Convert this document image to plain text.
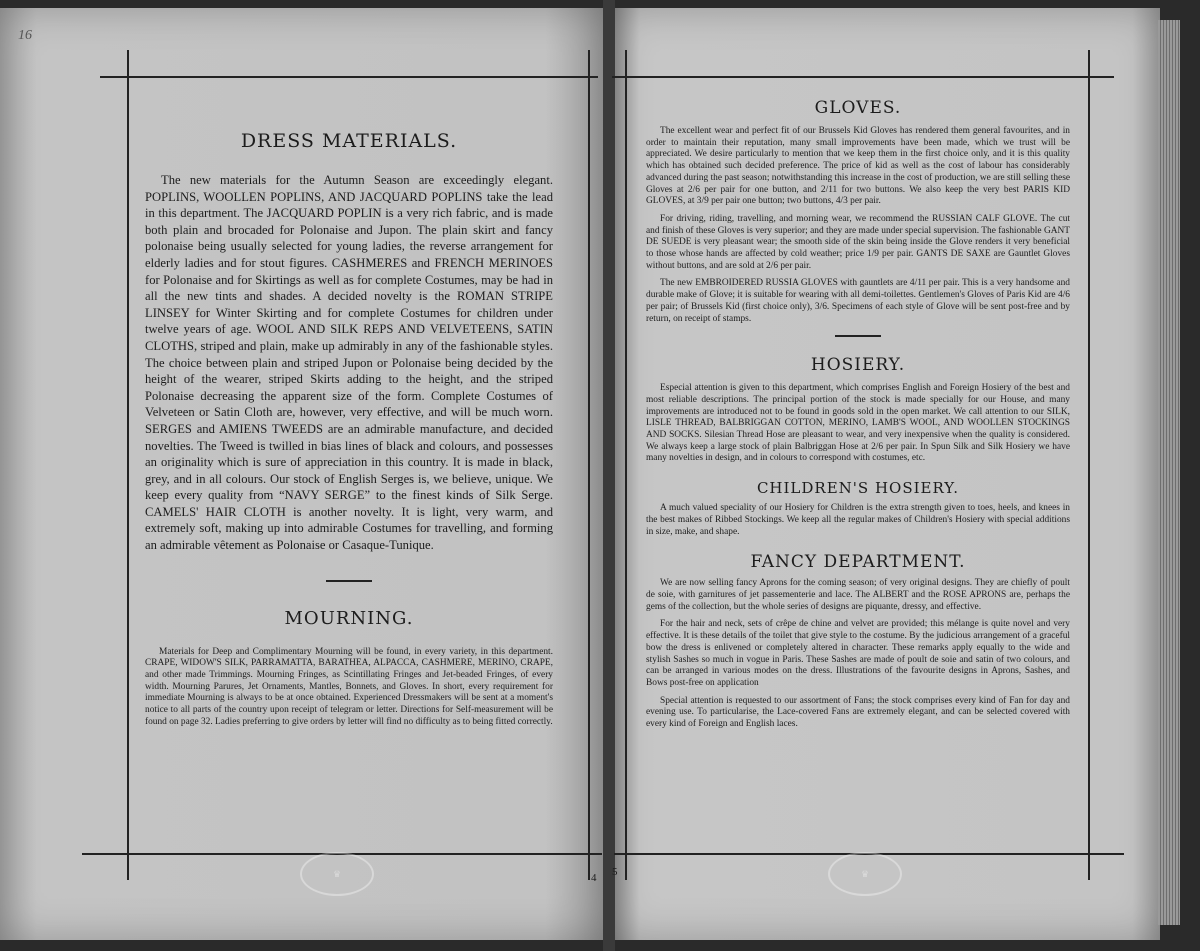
16
DRESS MATERIALS.

The new materials for the Autumn Season are exceedingly elegant. POPLINS, WOOLLEN POPLINS, AND JACQUARD POPLINS take the lead in this department. The JACQUARD POPLIN is a very rich fabric, and is made both plain and brocaded for Polonaise and Jupon. The plain skirt and fancy polonaise being usually selected for young ladies, the reverse arrangement for elderly ladies and for stout figures. CASHMERES and FRENCH MERINOES for Polonaise and for Skirtings as well as for complete Costumes, may be had in all the new tints and shades. A decided novelty is the ROMAN STRIPE LINSEY for Winter Skirting and for complete Costumes for children under twelve years of age. WOOL AND SILK REPS AND VELVETEENS, SATIN CLOTHS, striped and plain, make up admirably in any of the fashionable styles. The choice between plain and striped Jupon or Polonaise being decided by the height of the wearer, striped Skirts adding to the height, and the striped Polonaise decreasing the apparent size of the form. Complete Costumes of Velveteen or Satin Cloth are, however, very effective, and will be much worn. SERGES and AMIENS TWEEDS are an admirable manufacture, and decided novelties. The Tweed is twilled in bias lines of black and colours, and possesses an originality which is sure of appreciation in this country. It is made in black, grey, and in all colours. Our stock of English Serges is, we believe, unique. We keep every quality from “NAVY SERGE” to the finest kinds of Silk Serge. CAMELS' HAIR CLOTH is another novelty. It is light, very warm, and extremely soft, making up into admirable Costumes for travelling, and forming an admirable vêtement as Polonaise or Casaque-Tunique.

MOURNING.

Materials for Deep and Complimentary Mourning will be found, in every variety, in this department. CRAPE, WIDOW'S SILK, PARRAMATTA, BARATHEA, ALPACCA, CASHMERE, MERINO, CRAPE, and other made Trimmings. Mourning Fringes, as Scintillating Fringes and Jet-beaded Fringes, of every width. Mourning Parures, Jet Ornaments, Mantles, Bonnets, and Gloves. In short, every requirement for immediate Mourning is always to be at once obtained. Experienced Dressmakers will be sent at a moment's notice to all parts of the country upon receipt of telegram or letter. Directions for Self-measurement will be found on page 32. Ladies preferring to give orders by letter will find no difficulty as to being fitted correctly.

GLOVES.

The excellent wear and perfect fit of our Brussels Kid Gloves has rendered them general favourites, and in order to maintain their reputation, many small improvements have been made, which we trust will be appreciated. We desire particularly to mention that we keep them in the first choice only, and it is this quality which has obtained such decided preference. The price of kid as well as the cost of labour has considerably advanced during the past season; notwithstanding this increase in the cost of production, we are still selling these Gloves at 2/6 per pair for one button, and 2/11 for two buttons. We also keep the very best PARIS KID GLOVES, at 3/9 per pair one button; two buttons, 4/3 per pair.

For driving, riding, travelling, and morning wear, we recommend the RUSSIAN CALF GLOVE. The cut and finish of these Gloves is very superior; and they are made under special supervision. The fashionable GANT DE SUEDE is very pleasant wear; the smooth side of the skin being inside the Glove renders it very beneficial to those whose hands are affected by cold weather; price 1/9 per pair. GANTS DE SAXE are Gauntlet Gloves without buttons, and are sold at 2/6 per pair.

The new EMBROIDERED RUSSIA GLOVES with gauntlets are 4/11 per pair. This is a very handsome and durable make of Glove; it is suitable for wearing with all demi-toilettes. Gentlemen's Gloves of Paris Kid are 4/6 per pair; of Brussels Kid (first choice only), 3/6. Specimens of each style of Glove will be sent post-free and by return, on receipt of stamps.

HOSIERY.

Especial attention is given to this department, which comprises English and Foreign Hosiery of the best and most reliable descriptions. The principal portion of the stock is made specially for our House, and many improvements are introduced not to be found in goods sold in the open market. We call attention to our SILK, LISLE THREAD, BALBRIGGAN COTTON, MERINO, LAMB'S WOOL, AND WOOLLEN STOCKINGS AND SOCKS. Silesian Thread Hose are pleasant to wear, and very inexpensive when the quality is considered. We always keep a large stock of plain Balbriggan Hose at 2/6 per pair. In Spun Silk and Silk Hosiery we have many novelties in design, and in colours to correspond with costumes, etc.

CHILDREN'S HOSIERY.

A much valued speciality of our Hosiery for Children is the extra strength given to toes, heels, and knees in the best makes of Ribbed Stockings. We keep all the regular makes of Children's Hosiery with special additions in size, make, and shape.

FANCY DEPARTMENT.

We are now selling fancy Aprons for the coming season; of very original designs. They are chiefly of poult de soie, with garnitures of jet passementerie and lace. The ALBERT and the ROSE APRONS are, perhaps the gems of the collection, but the whole series of designs are piquante, dressy, and effective.

For the hair and neck, sets of crêpe de chine and velvet are provided; this mélange is quite novel and very effective. It is these details of the toilet that give style to the costume. By the judicious arrangement of a graceful bow the dress is enlivened or completely altered in character. These remarks apply equally to the wide and stylish Sashes so much in vogue in Paris. These Sashes are made of poult de soie and satin of two colours, and can be arranged in various modes on the dress. Illustrations of the favourite designs in Aprons, Sashes, and Bows post-free on application

Special attention is requested to our assortment of Fans; the stock comprises every kind of Fan for day and evening use. To particularise, the Lace-covered Fans are extremely elegant, and can be selected covered with every kind of Foreign and English laces.

4 5
♛	♛
